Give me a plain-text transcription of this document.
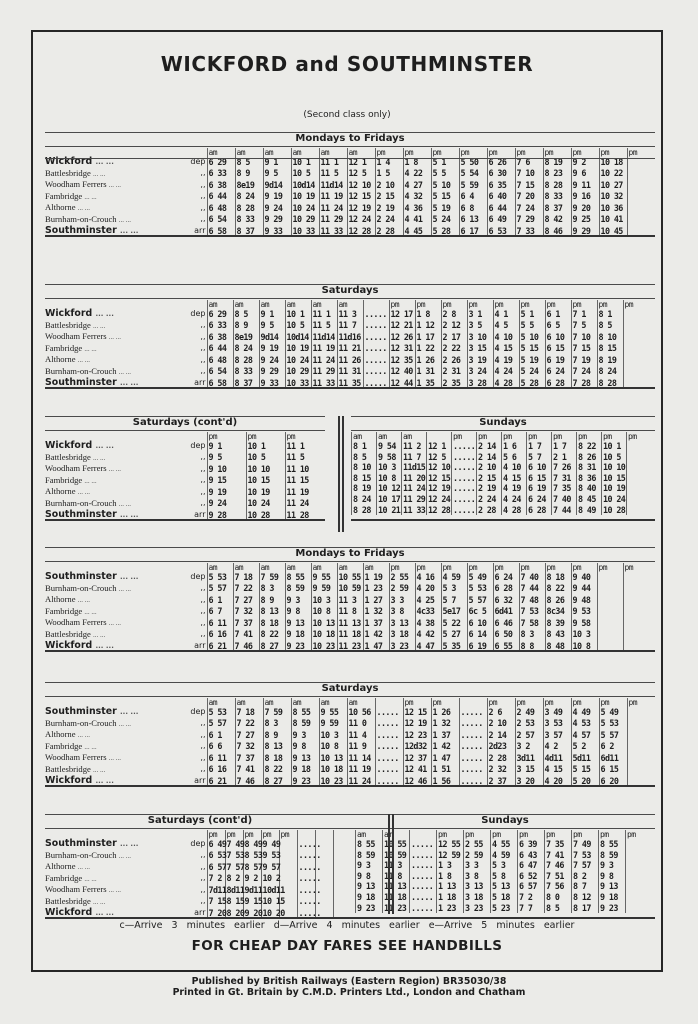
WICKFORD and SOUTHMINSTER
(Second class only)
Mondays to Fridays
		am	am	am	am	am	am	pm	pm	pm	pm	pm	pm	pm	pm	pm	pm
Wickford ... ...	dep	6 29	8 5	9 1	10 1	11 1	12 1	1 4	1 8	5 1	5 50	6 26	7 6	8 19	9 2	10 18	
Battlesbridge ... ...	,,	6 33	8 9	9 5	10 5	11 5	12 5	1 5	4 22	5 5	5 54	6 30	7 10	8 23	9 6	10 22	
Woodham Ferrers ... ...	,,	6 38	8e19	9d14	10d14	11d14	12 10	2 10	4 27	5 10	5 59	6 35	7 15	8 28	9 11	10 27	
Fambridge ... ...	,,	6 44	8 24	9 19	10 19	11 19	12 15	2 15	4 32	5 15	6 4	6 40	7 20	8 33	9 16	10 32	
Althorne ... ...	,,	6 48	8 28	9 24	10 24	11 24	12 19	2 19	4 36	5 19	6 8	6 44	7 24	8 37	9 20	10 36	
Burnham-on-Crouch ... ...	,,	6 54	8 33	9 29	10 29	11 29	12 24	2 24	4 41	5 24	6 13	6 49	7 29	8 42	9 25	10 41	
Southminster ... ...	arr	6 58	8 37	9 33	10 33	11 33	12 28	2 28	4 45	5 28	6 17	6 53	7 33	8 46	9 29	10 45	
Saturdays
		am	am	am	am	am	am		pm	pm	pm	pm	pm	pm	pm	pm	pm	pm
Wickford ... ...	dep	6 29	8 5	9 1	10 1	11 1	11 3	.....	12 17	1 8	2 8	3 1	4 1	5 1	6 1	7 1	8 1	
Battlesbridge ... ...	,,	6 33	8 9	9 5	10 5	11 5	11 7	.....	12 21	1 12	2 12	3 5	4 5	5 5	6 5	7 5	8 5	
Woodham Ferrers ... ...	,,	6 38	8e19	9d14	10d14	11d14	11d16	.....	12 26	1 17	2 17	3 10	4 10	5 10	6 10	7 10	8 10	
Fambridge ... ...	,,	6 44	8 24	9 19	10 19	11 19	11 21	.....	12 31	1 22	2 22	3 15	4 15	5 15	6 15	7 15	8 15	
Althorne ... ...	,,	6 48	8 28	9 24	10 24	11 24	11 26	.....	12 35	1 26	2 26	3 19	4 19	5 19	6 19	7 19	8 19	
Burnham-on-Crouch ... ...	,,	6 54	8 33	9 29	10 29	11 29	11 31	.....	12 40	1 31	2 31	3 24	4 24	5 24	6 24	7 24	8 24	
Southminster ... ...	arr	6 58	8 37	9 33	10 33	11 33	11 35	.....	12 44	1 35	2 35	3 28	4 28	5 28	6 28	7 28	8 28	
Saturdays (cont'd)
		pm	pm	pm
Wickford ... ...	dep	9 1	10 1	11 1
Battlesbridge ... ...	,,	9 5	10 5	11 5
Woodham Ferrers ... ...	,,	9 10	10 10	11 10
Fambridge ... ...	,,	9 15	10 15	11 15
Althorne ... ...	,,	9 19	10 19	11 19
Burnham-on-Crouch ... ...	,,	9 24	10 24	11 24
Southminster ... ...	arr	9 28	10 28	11 28
Sundays
am	am	am		pm	pm	pm	pm	pm	pm	pm	pm
8 1	9 54	11 2	12 1	.....	2 14	1 6	1 7	1 7	8 22	10 1	
8 5	9 58	11 7	12 5	.....	2 14	5 6	5 7	2 1	8 26	10 5	
8 10	10 3	11d15	12 10	.....	2 10	4 10	6 10	7 26	8 31	10 10	
8 15	10 8	11 20	12 15	.....	2 15	4 15	6 15	7 31	8 36	10 15	
8 19	10 12	11 24	12 19	.....	2 19	4 19	6 19	7 35	8 40	10 19	
8 24	10 17	11 29	12 24	.....	2 24	4 24	6 24	7 40	8 45	10 24	
8 28	10 21	11 33	12 28	.....	2 28	4 28	6 28	7 44	8 49	10 28	
Mondays to Fridays
		am	am	am	am	am	am	am	pm	pm	pm	pm	pm	pm	pm	pm	pm	pm
Southminster ... ...	dep	5 53	7 18	7 59	8 55	9 55	10 55	1 19	2 55	4 16	4 59	5 49	6 24	7 40	8 18	9 40		
Burnham-on-Crouch ... ...	,,	5 57	7 22	8 3	8 59	9 59	10 59	1 23	2 59	4 20	5 3	5 53	6 28	7 44	8 22	9 44		
Althorne ... ...	,,	6 1	7 27	8 9	9 3	10 3	11 3	1 27	3 3	4 25	5 7	5 57	6 32	7 48	8 26	9 48		
Fambridge ... ...	,,	6 7	7 32	8 13	9 8	10 8	11 8	1 32	3 8	4c33	5e17	6c 5	6d41	7 53	8c34	9 53		
Woodham Ferrers ... ...	,,	6 11	7 37	8 18	9 13	10 13	11 13	1 37	3 13	4 38	5 22	6 10	6 46	7 58	8 39	9 58		
Battlesbridge ... ...	,,	6 16	7 41	8 22	9 18	10 18	11 18	1 42	3 18	4 42	5 27	6 14	6 50	8 3	8 43	10 3		
Wickford ... ...	arr	6 21	7 46	8 27	9 23	10 23	11 23	1 47	3 23	4 47	5 35	6 19	6 55	8 8	8 48	10 8		
Saturdays
		am	am	am	am	am	am		pm	pm		pm	pm	pm	pm	pm	pm
Southminster ... ...	dep	5 53	7 18	7 59	8 55	9 55	10 56	.....	12 15	1 26	.....	2 6	2 49	3 49	4 49	5 49	
Burnham-on-Crouch ... ...	,,	5 57	7 22	8 3	8 59	9 59	11 0	.....	12 19	1 32	.....	2 10	2 53	3 53	4 53	5 53	
Althorne ... ...	,,	6 1	7 27	8 9	9 3	10 3	11 4	.....	12 23	1 37	.....	2 14	2 57	3 57	4 57	5 57	
Fambridge ... ...	,,	6 6	7 32	8 13	9 8	10 8	11 9	.....	12d32	1 42	.....	2d23	3 2	4 2	5 2	6 2	
Woodham Ferrers ... ...	,,	6 11	7 37	8 18	9 13	10 13	11 14	.....	12 37	1 47	.....	2 28	3d11	4d11	5d11	6d11	
Battlesbridge ... ...	,,	6 16	7 41	8 22	9 18	10 18	11 19	.....	12 41	1 51	.....	2 32	3 15	4 15	5 15	6 15	
Wickford ... ...	arr	6 21	7 46	8 27	9 23	10 23	11 24	.....	12 46	1 56	.....	2 37	3 20	4 20	5 20	6 20	
Saturdays (cont'd)
		pm	pm	pm	pm	pm			
Southminster ... ...	dep	6 49	7 49	8 49	9 49		.....		
Burnham-on-Crouch ... ...	,,	6 53	7 53	8 53	9 53		.....		
Althorne ... ...	,,	6 57	7 57	8 57	9 57		.....		
Fambridge ... ...	,,	7 2	8 2	9 2	10 2		.....		
Woodham Ferrers ... ...	,,	7d11	8d11	9d11	10d11		.....		
Battlesbridge ... ...	,,	7 15	8 15	9 15	10 15		.....		
Wickford ... ...	arr	7 20	8 20	9 20	10 20		.....		
Sundays
am	am		pm	pm	pm	pm	pm	pm	pm	pm
8 55	10 55	.....	12 55	2 55	4 55	6 39	7 35	7 49	8 55	
8 59	10 59	.....	12 59	2 59	4 59	6 43	7 41	7 53	8 59	
9 3	11 3	.....	1 3	3 3	5 3	6 47	7 46	7 57	9 3	
9 8	11 8	.....	1 8	3 8	5 8	6 52	7 51	8 2	9 8	
9 13	11 13	.....	1 13	3 13	5 13	6 57	7 56	8 7	9 13	
9 18	11 18	.....	1 18	3 18	5 18	7 2	8 0	8 12	9 18	
9 23	11 23	.....	1 23	3 23	5 23	7 7	8 5	8 17	9 23	
c—Arrive 3 minutes earlier d—Arrive 4 minutes earlier e—Arrive 5 minutes earlier
FOR CHEAP DAY FARES SEE HANDBILLS
Published by British Railways (Eastern Region) BR35030/38
Printed in Gt. Britain by C.M.D. Printers Ltd., London and Chatham
